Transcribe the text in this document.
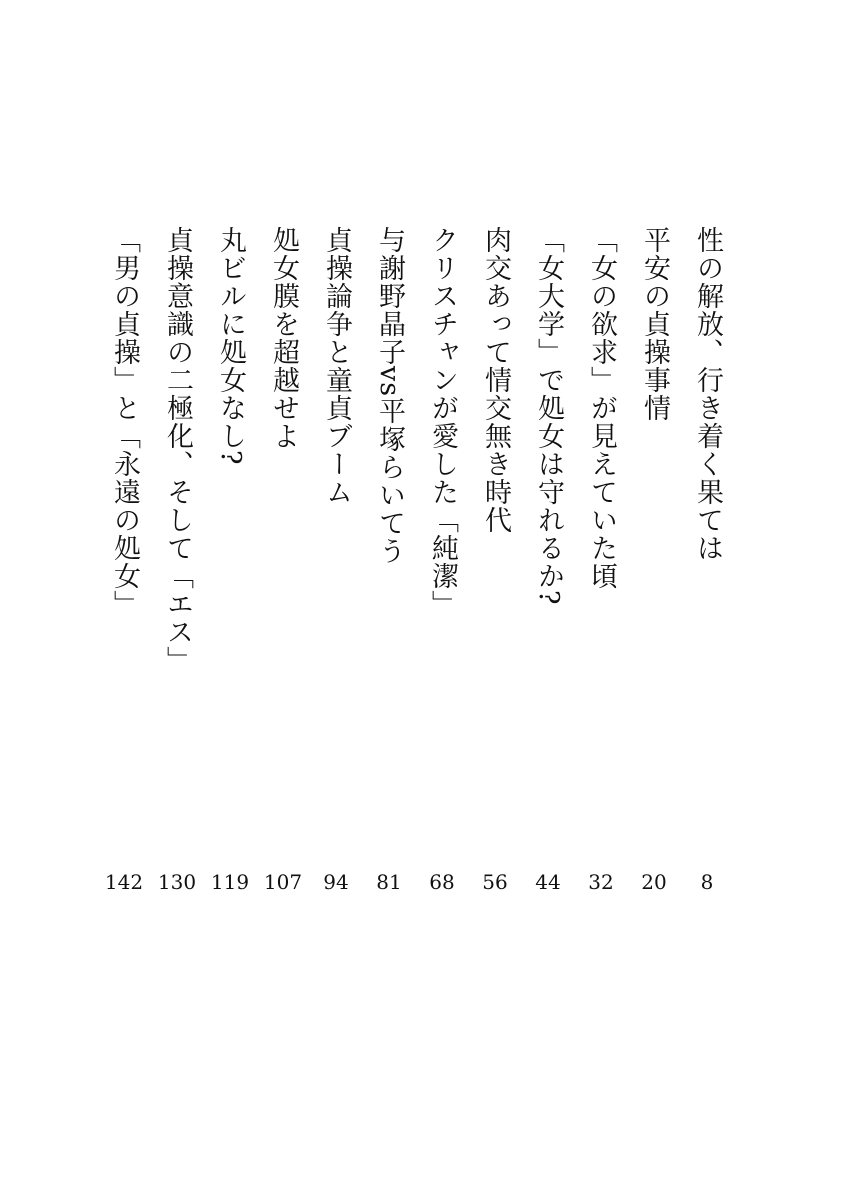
性の解放、行き着く果ては
8
平安の貞操事情
20
「女の欲求」が見えていた頃
32
「女大学」で処女は守れるか?
44
肉交あって情交無き時代
56
クリスチャンが愛した「純潔」
68
与謝野晶子vs平塚らいてう
81
貞操論争と童貞ブーム
94
処女膜を超越せよ
107
丸ビルに処女なし?
119
貞操意識の二極化、そして「エス」
130
「男の貞操」と「永遠の処女」
142
